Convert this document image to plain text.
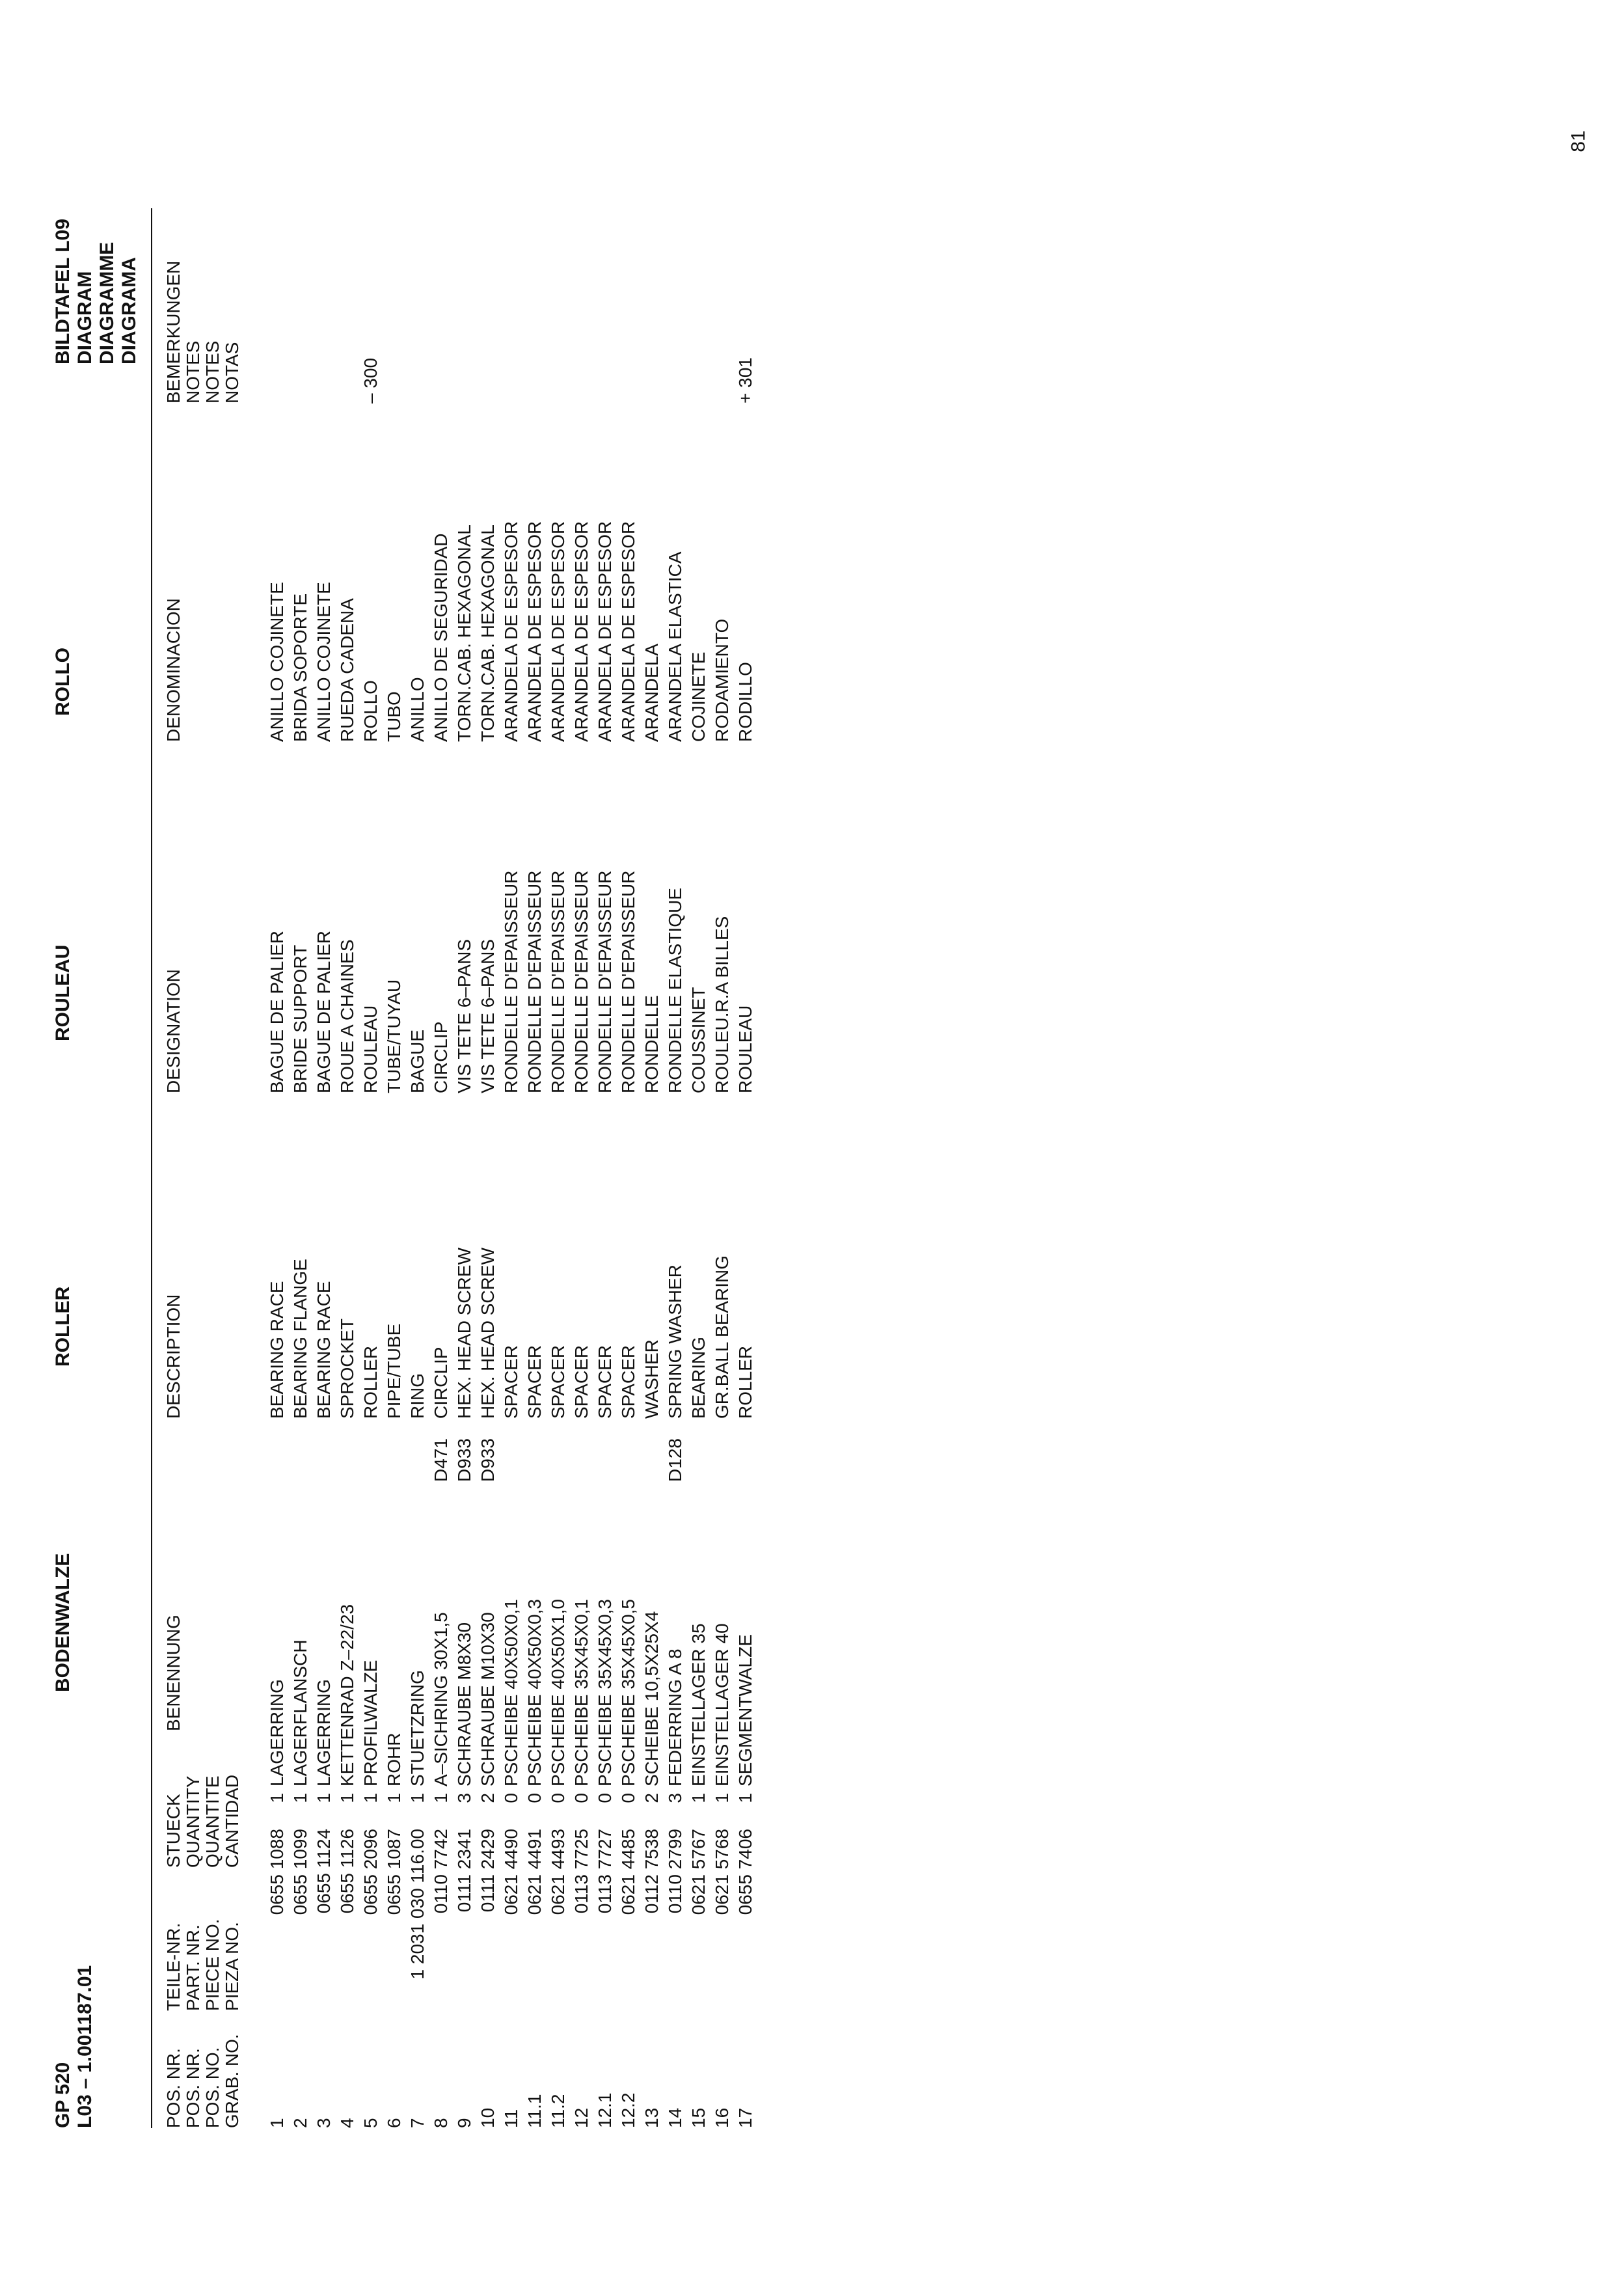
81
GP 520 L03 – 1.001187.01
BODENWALZE
ROLLER
ROULEAU
ROLLO
BILDTAFEL L09 DIAGRAM DIAGRAMME DIAGRAMA
POS. NR.
POS. NR.
POS. NO.
GRAB. NO.
TEILE-NR.
PART. NR.
PIECE NO.
PIEZA NO.
STUECK
QUANTITY
QUANTITE
CANTIDAD
BENENNUNG
DESCRIPTION
DESIGNATION
DENOMINACION
BEMERKUNGEN
NOTES
NOTES
NOTAS
1
0655 1088
1
LAGERRING
BEARING RACE
BAGUE DE PALIER
ANILLO COJINETE
2
0655 1099
1
LAGERFLANSCH
BEARING FLANGE
BRIDE SUPPORT
BRIDA SOPORTE
3
0655 1124
1
LAGERRING
BEARING RACE
BAGUE DE PALIER
ANILLO COJINETE
4
0655 1126
1
KETTENRAD Z–22/23
SPROCKET
ROUE A CHAINES
RUEDA CADENA
5
0655 2096
1
PROFILWALZE
ROLLER
ROULEAU
ROLLO
– 300
6
0655 1087
1
ROHR
PIPE/TUBE
TUBE/TUYAU
TUBO
7
1 2031 030 116.00
1
STUETZRING
RING
BAGUE
ANILLO
8
0110 7742
1
A–SICHRING 30X1,5
D471
CIRCLIP
CIRCLIP
ANILLO DE SEGURIDAD
9
0111 2341
3
SCHRAUBE M8X30
D933
HEX. HEAD SCREW
VIS TETE 6–PANS
TORN.CAB. HEXAGONAL
10
0111 2429
2
SCHRAUBE M10X30
D933
HEX. HEAD SCREW
VIS TETE 6–PANS
TORN.CAB. HEXAGONAL
11
0621 4490
0
PSCHEIBE 40X50X0,1
SPACER
RONDELLE D'EPAISSEUR
ARANDELA DE ESPESOR
11.1
0621 4491
0
PSCHEIBE 40X50X0,3
SPACER
RONDELLE D'EPAISSEUR
ARANDELA DE ESPESOR
11.2
0621 4493
0
PSCHEIBE 40X50X1,0
SPACER
RONDELLE D'EPAISSEUR
ARANDELA DE ESPESOR
12
0113 7725
0
PSCHEIBE 35X45X0,1
SPACER
RONDELLE D'EPAISSEUR
ARANDELA DE ESPESOR
12.1
0113 7727
0
PSCHEIBE 35X45X0,3
SPACER
RONDELLE D'EPAISSEUR
ARANDELA DE ESPESOR
12.2
0621 4485
0
PSCHEIBE 35X45X0,5
SPACER
RONDELLE D'EPAISSEUR
ARANDELA DE ESPESOR
13
0112 7538
2
SCHEIBE 10,5X25X4
WASHER
RONDELLE
ARANDELA
14
0110 2799
3
FEDERRING A 8
D128
SPRING WASHER
RONDELLE ELASTIQUE
ARANDELA ELASTICA
15
0621 5767
1
EINSTELLAGER 35
BEARING
COUSSINET
COJINETE
16
0621 5768
1
EINSTELLAGER 40
GR.BALL BEARING
ROULEU.R.A BILLES
RODAMIENTO
17
0655 7406
1
SEGMENTWALZE
ROLLER
ROULEAU
RODILLO
+ 301
